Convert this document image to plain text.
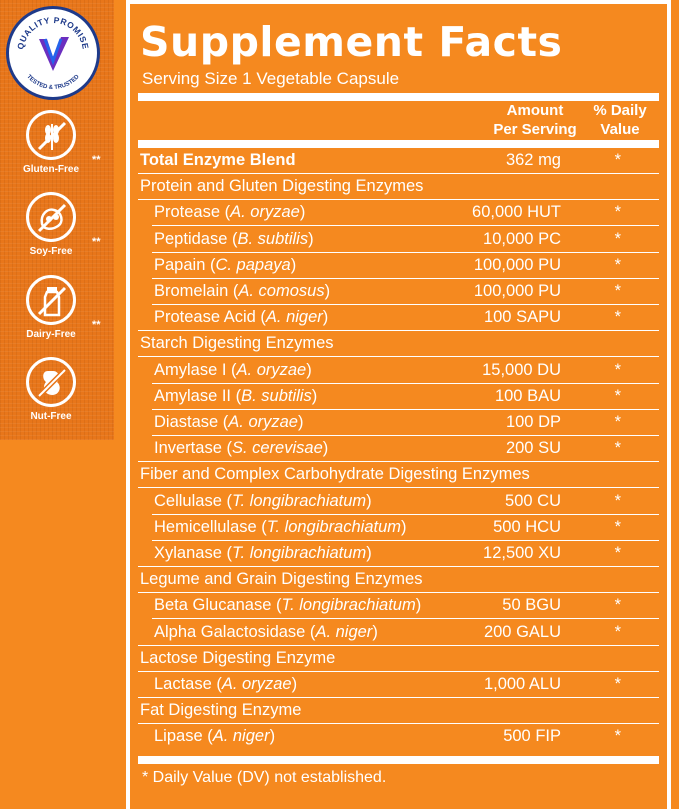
QUALITY PROMISE
TESTED & TRUSTED
Gluten-Free
**
Soy-Free
**
Dairy-Free
**
Nut-Free
Supplement Facts
Serving Size 1 Vegetable Capsule
Amount
Per Serving
% Daily
Value
Total Enzyme Blend	362 mg	*
Protein and Gluten Digesting Enzymes
Protease (A. oryzae)	60,000 HUT	*
Peptidase (B. subtilis)	10,000 PC	*
Papain (C. papaya)	100,000 PU	*
Bromelain (A. comosus)	100,000 PU	*
Protease Acid (A. niger)	100 SAPU	*
Starch Digesting Enzymes
Amylase I (A. oryzae)	15,000 DU	*
Amylase II (B. subtilis)	100 BAU	*
Diastase (A. oryzae)	100 DP	*
Invertase (S. cerevisae)	200 SU	*
Fiber and Complex Carbohydrate Digesting Enzymes
Cellulase (T. longibrachiatum)	500 CU	*
Hemicellulase (T. longibrachiatum)	500 HCU	*
Xylanase (T. longibrachiatum)	12,500 XU	*
Legume and Grain Digesting Enzymes
Beta Glucanase (T. longibrachiatum)	50 BGU	*
Alpha Galactosidase (A. niger)	200 GALU	*
Lactose Digesting Enzyme
Lactase (A. oryzae)	1,000 ALU	*
Fat Digesting Enzyme
Lipase (A. niger)	500 FIP	*
* Daily Value (DV) not established.
